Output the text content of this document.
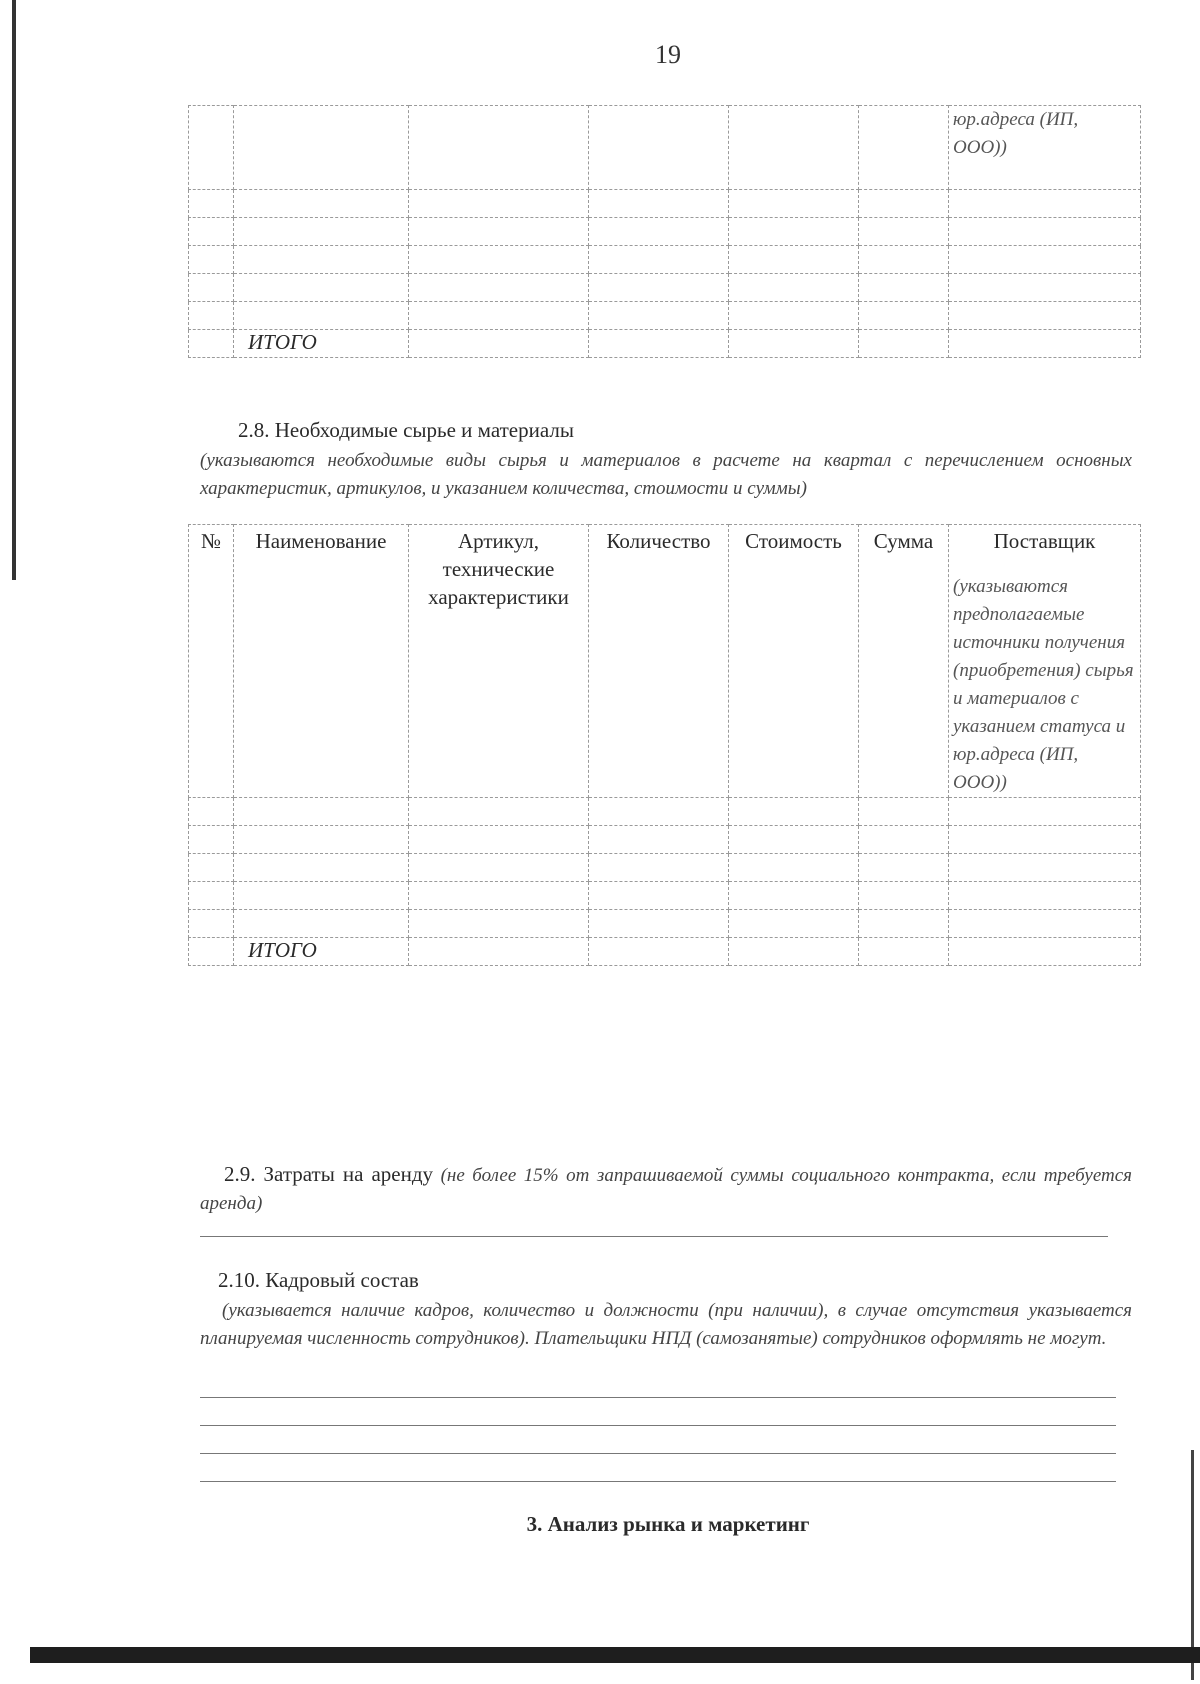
19
						юр.адреса (ИП, ООО))

	ИТОГО					
2.8. Необходимые сырье и материалы
(указываются необходимые виды сырья и материалов в расчете на квартал с перечислением основных характеристик, артикулов, и указанием количества, стоимости и суммы)
№	Наименование	Артикул, технические характеристики	Количество	Стоимость	Сумма	Поставщик
(указываются предполагаемые источники получения (приобретения) сырья и материалов с указанием статуса и юр.адреса (ИП, ООО))

	ИТОГО					
2.9. Затраты на аренду (не более 15% от запрашиваемой суммы социального контракта, если требуется аренда)
2.10. Кадровый состав
(указывается наличие кадров, количество и должности (при наличии), в случае отсутствия указывается планируемая численность сотрудников). Плательщики НПД (самозанятые) сотрудников оформлять не могут.
3. Анализ рынка и маркетинг
